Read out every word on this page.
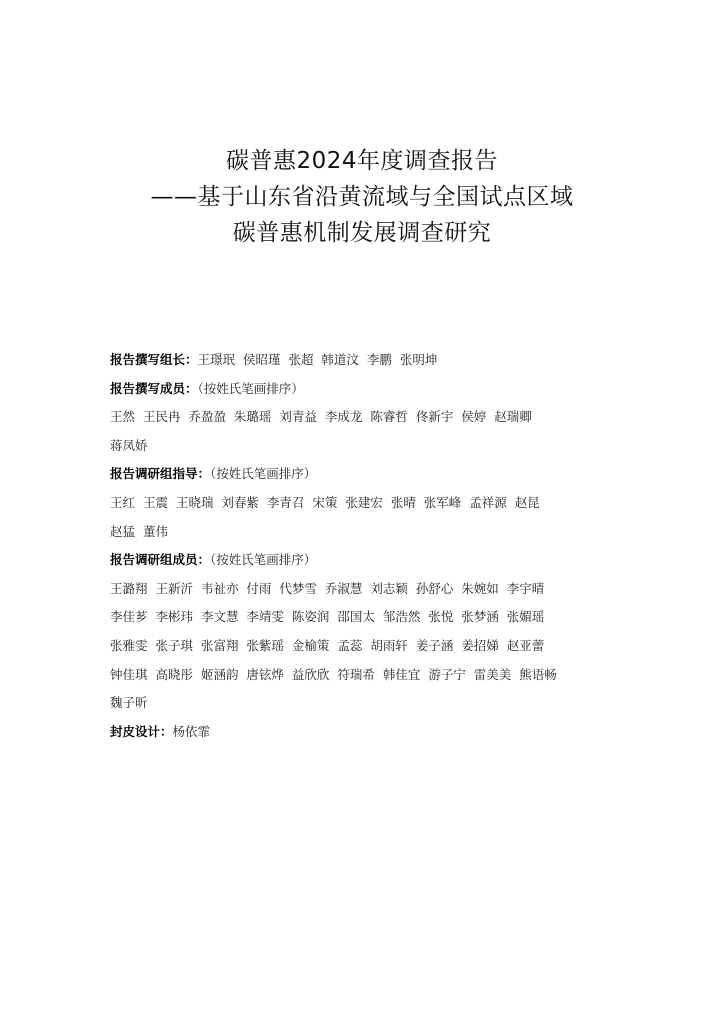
碳普惠2024年度调查报告
——基于山东省沿黄流域与全国试点区域
碳普惠机制发展调查研究
报告撰写组长：王璟珉 侯昭瑾 张超 韩道汶 李鹏 张明坤
报告撰写成员：（按姓氏笔画排序）
王然 王民冉 乔盈盈 朱璐瑶 刘青益 李成龙 陈睿哲 佟新宇 侯婷 赵瑞卿
蒋凤娇
报告调研组指导：（按姓氏笔画排序）
王红 王震 王晓瑞 刘春紫 李青召 宋策 张建宏 张晴 张军峰 孟祥源 赵昆
赵猛 董伟
报告调研组成员：（按姓氏笔画排序）
王潞翔 王新沂 韦祉亦 付雨 代梦雪 乔淑慧 刘志颖 孙舒心 朱婉如 李宇晴
李佳芗 李彬玮 李文慧 李靖雯 陈姿润 邵国太 邹浩然 张悦 张梦涵 张媚瑶
张雅雯 张子琪 张富翔 张紫瑶 金榆策 孟蕊 胡雨轩 姜子涵 姜招娣 赵亚蕾
钟佳琪 高晓彤 姬涵韵 唐铉烨 益欣欣 符瑞希 韩佳宜 游子宁 雷美美 熊语畅
魏子昕
封皮设计：杨依霏
